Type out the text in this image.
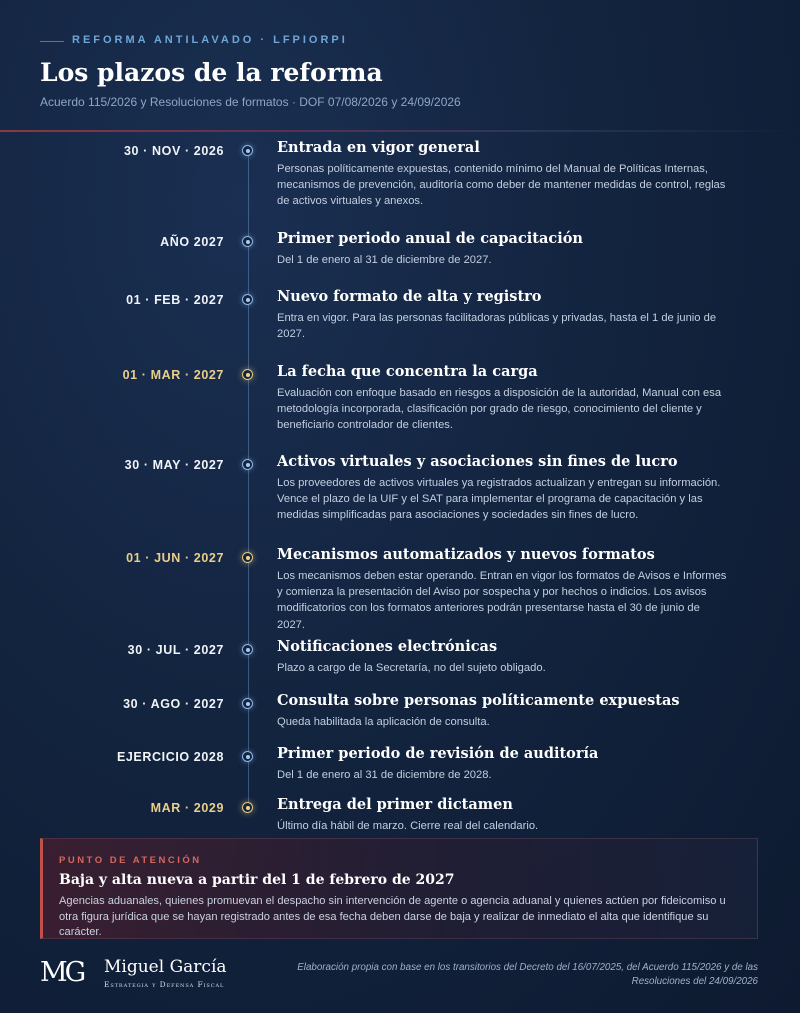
REFORMA ANTILAVADO · LFPIORPI
Los plazos de la reforma
Acuerdo 115/2026 y Resoluciones de formatos · DOF 07/08/2026 y 24/09/2026
30 · NOV · 2026	Entrada en vigor general
Personas políticamente expuestas, contenido mínimo del Manual de Políticas Internas, mecanismos de prevención, auditoría como deber de mantener medidas de control, reglas de activos virtuales y anexos.
AÑO 2027	Primer periodo anual de capacitación
Del 1 de enero al 31 de diciembre de 2027.
01 · FEB · 2027	Nuevo formato de alta y registro
Entra en vigor. Para las personas facilitadoras públicas y privadas, hasta el 1 de junio de 2027.
01 · MAR · 2027	La fecha que concentra la carga
Evaluación con enfoque basado en riesgos a disposición de la autoridad, Manual con esa metodología incorporada, clasificación por grado de riesgo, conocimiento del cliente y beneficiario controlador de clientes.
30 · MAY · 2027	Activos virtuales y asociaciones sin fines de lucro
Los proveedores de activos virtuales ya registrados actualizan y entregan su información. Vence el plazo de la UIF y el SAT para implementar el programa de capacitación y las medidas simplificadas para asociaciones y sociedades sin fines de lucro.
01 · JUN · 2027	Mecanismos automatizados y nuevos formatos
Los mecanismos deben estar operando. Entran en vigor los formatos de Avisos e Informes y comienza la presentación del Aviso por sospecha y por hechos o indicios. Los avisos modificatorios con los formatos anteriores podrán presentarse hasta el 30 de junio de 2027.
30 · JUL · 2027	Notificaciones electrónicas
Plazo a cargo de la Secretaría, no del sujeto obligado.
30 · AGO · 2027	Consulta sobre personas políticamente expuestas
Queda habilitada la aplicación de consulta.
EJERCICIO 2028	Primer periodo de revisión de auditoría
Del 1 de enero al 31 de diciembre de 2028.
MAR · 2029	Entrega del primer dictamen
Último día hábil de marzo. Cierre real del calendario.
PUNTO DE ATENCIÓN
Baja y alta nueva a partir del 1 de febrero de 2027
Agencias aduanales, quienes promuevan el despacho sin intervención de agente o agencia aduanal y quienes actúen por fideicomiso u otra figura jurídica que se hayan registrado antes de esa fecha deben darse de baja y realizar de inmediato el alta que identifique su carácter.
MG Miguel García
Estrategia y Defensa Fiscal
Elaboración propia con base en los transitorios del Decreto del 16/07/2025, del Acuerdo 115/2026 y de las Resoluciones del 24/09/2026
